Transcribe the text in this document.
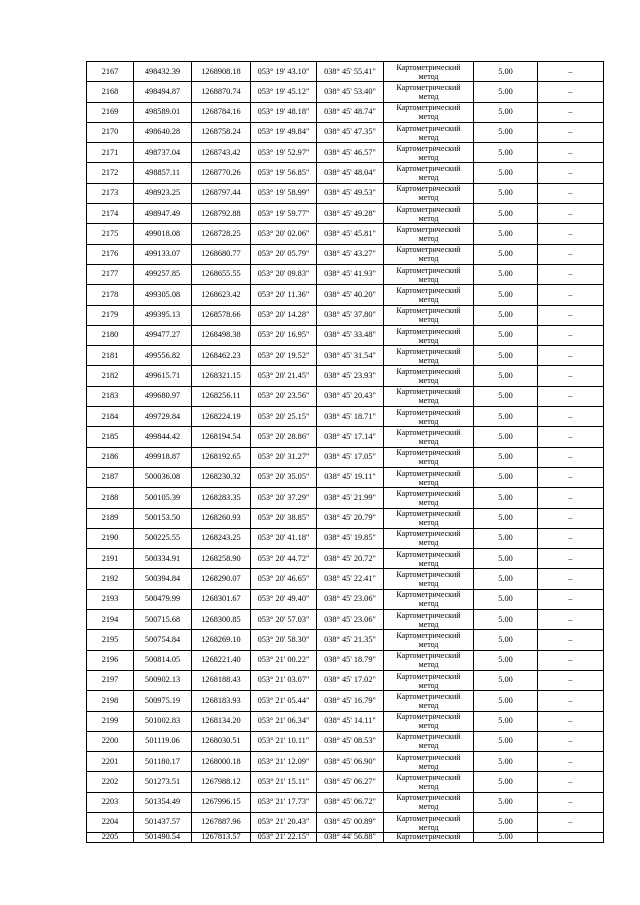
2167	498432.39	1268908.18	053° 19' 43.10"	038° 45' 55.41"	Картометрический метод	5.00	–
2168	498494.87	1268870.74	053° 19' 45.12"	038° 45' 53.40"	Картометрический метод	5.00	–
2169	498589.01	1268784.16	053° 19' 48.18"	038° 45' 48.74"	Картометрический метод	5.00	–
2170	498640.28	1268758.24	053° 19' 49.84"	038° 45' 47.35"	Картометрический метод	5.00	–
2171	498737.04	1268743.42	053° 19' 52.97"	038° 45' 46.57"	Картометрический метод	5.00	–
2172	498857.11	1268770.26	053° 19' 56.85"	038° 45' 48.04"	Картометрический метод	5.00	–
2173	498923.25	1268797.44	053° 19' 58.99"	038° 45' 49.53"	Картометрический метод	5.00	–
2174	498947.49	1268792.88	053° 19' 59.77"	038° 45' 49.28"	Картометрический метод	5.00	–
2175	499018.08	1268728.25	053° 20' 02.06"	038° 45' 45.81"	Картометрический метод	5.00	–
2176	499133.07	1268680.77	053° 20' 05.79"	038° 45' 43.27"	Картометрический метод	5.00	–
2177	499257.85	1268655.55	053° 20' 09.83"	038° 45' 41.93"	Картометрический метод	5.00	–
2178	499305.08	1268623.42	053° 20' 11.36"	038° 45' 40.20"	Картометрический метод	5.00	–
2179	499395.13	1268578.66	053° 20' 14.28"	038° 45' 37.80"	Картометрический метод	5.00	–
2180	499477.27	1268498.38	053° 20' 16.95"	038° 45' 33.48"	Картометрический метод	5.00	–
2181	499556.82	1268462.23	053° 20' 19.52"	038° 45' 31.54"	Картометрический метод	5.00	–
2182	499615.71	1268321.15	053° 20' 21.45"	038° 45' 23.93"	Картометрический метод	5.00	–
2183	499680.97	1268256.11	053° 20' 23.56"	038° 45' 20.43"	Картометрический метод	5.00	–
2184	499729.84	1268224.19	053° 20' 25.15"	038° 45' 18.71"	Картометрический метод	5.00	–
2185	499844.42	1268194.54	053° 20' 28.86"	038° 45' 17.14"	Картометрический метод	5.00	–
2186	499918.87	1268192.65	053° 20' 31.27"	038° 45' 17.05"	Картометрический метод	5.00	–
2187	500036.08	1268230.32	053° 20' 35.05"	038° 45' 19.11"	Картометрический метод	5.00	–
2188	500105.39	1268283.35	053° 20' 37.29"	038° 45' 21.99"	Картометрический метод	5.00	–
2189	500153.50	1268260.93	053° 20' 38.85"	038° 45' 20.79"	Картометрический метод	5.00	–
2190	500225.55	1268243.25	053° 20' 41.18"	038° 45' 19.85"	Картометрический метод	5.00	–
2191	500334.91	1268258.90	053° 20' 44.72"	038° 45' 20.72"	Картометрический метод	5.00	–
2192	500394.84	1268290.07	053° 20' 46.65"	038° 45' 22.41"	Картометрический метод	5.00	–
2193	500479.99	1268301.67	053° 20' 49.40"	038° 45' 23.06"	Картометрический метод	5.00	–
2194	500715.68	1268300.85	053° 20' 57.03"	038° 45' 23.06"	Картометрический метод	5.00	–
2195	500754.84	1268269.10	053° 20' 58.30"	038° 45' 21.35"	Картометрический метод	5.00	–
2196	500814.05	1268221.40	053° 21' 00.22"	038° 45' 18.79"	Картометрический метод	5.00	–
2197	500902.13	1268188.43	053° 21' 03.07"	038° 45' 17.02"	Картометрический метод	5.00	–
2198	500975.19	1268183.93	053° 21' 05.44"	038° 45' 16.79"	Картометрический метод	5.00	–
2199	501002.83	1268134.20	053° 21' 06.34"	038° 45' 14.11"	Картометрический метод	5.00	–
2200	501119.06	1268030.51	053° 21' 10.11"	038° 45' 08.53"	Картометрический метод	5.00	–
2201	501180.17	1268000.18	053° 21' 12.09"	038° 45' 06.90"	Картометрический метод	5.00	–
2202	501273.51	1267988.12	053° 21' 15.11"	038° 45' 06.27"	Картометрический метод	5.00	–
2203	501354.49	1267996.15	053° 21' 17.73"	038° 45' 06.72"	Картометрический метод	5.00	–
2204	501437.57	1267887.96	053° 21' 20.43"	038° 45' 00.89"	Картометрический метод	5.00	–
2205	501490.54	1267813.57	053° 21' 22.15"	038° 44' 56.88"	Картометрический	5.00	
